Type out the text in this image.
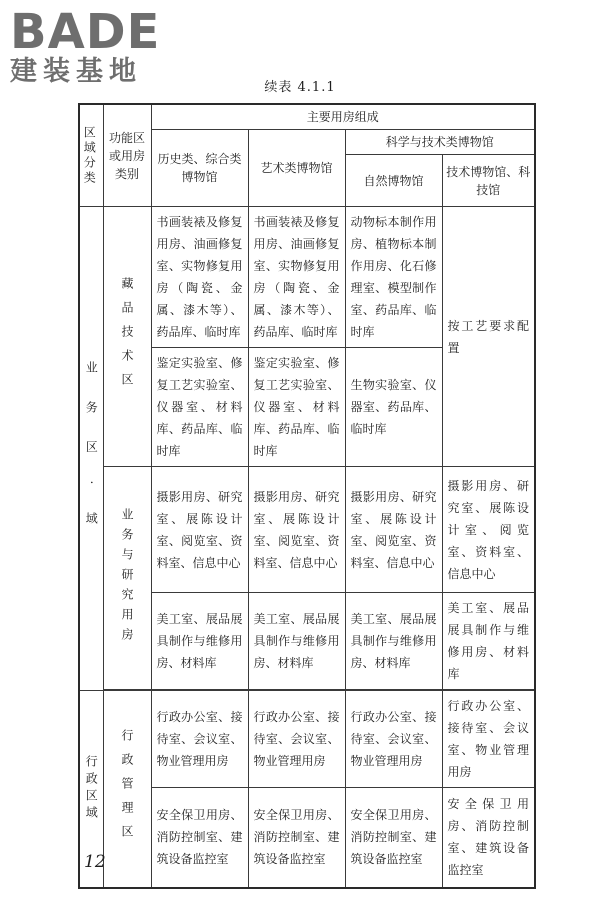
BADE
建装基地
续表 4.1.1
区域分类	功能区或用房类别	主要用房组成			
		历史类、综合类博物馆	艺术类博物馆	科学与技术类博物馆	
				自然博物馆	技术博物馆、科技馆

业 务 区 · 域	藏品技术区	书画装裱及修复用房、油画修复室、实物修复用房（陶瓷、金属、漆木等）、药品库、临时库	书画装裱及修复用房、油画修复室、实物修复用房（陶瓷、金属、漆木等）、药品库、临时库	动物标本制作用房、植物标本制作用房、化石修理室、模型制作室、药品库、临时库	按工艺要求配置
		鉴定实验室、修复工艺实验室、仪器室、材料库、药品库、临时库	鉴定实验室、修复工艺实验室、仪器室、材料库、药品库、临时库	生物实验室、仪器室、药品库、临时库	

	业务与研究用房	摄影用房、研究室、展陈设计室、阅览室、资料室、信息中心	摄影用房、研究室、展陈设计室、阅览室、资料室、信息中心	摄影用房、研究室、展陈设计室、阅览室、资料室、信息中心	摄影用房、研究室、展陈设计室、阅览室、资料室、信息中心
		美工室、展品展具制作与维修用房、材料库	美工室、展品展具制作与维修用房、材料库	美工室、展品展具制作与维修用房、材料库	美工室、展品展具制作与维修用房、材料库

行政区域	行政管理区	行政办公室、接待室、会议室、物业管理用房	行政办公室、接待室、会议室、物业管理用房	行政办公室、接待室、会议室、物业管理用房	行政办公室、接待室、会议室、物业管理用房
		安全保卫用房、消防控制室、建筑设备监控室	安全保卫用房、消防控制室、建筑设备监控室	安全保卫用房、消防控制室、建筑设备监控室	安全保卫用房、消防控制室、建筑设备监控室
12
